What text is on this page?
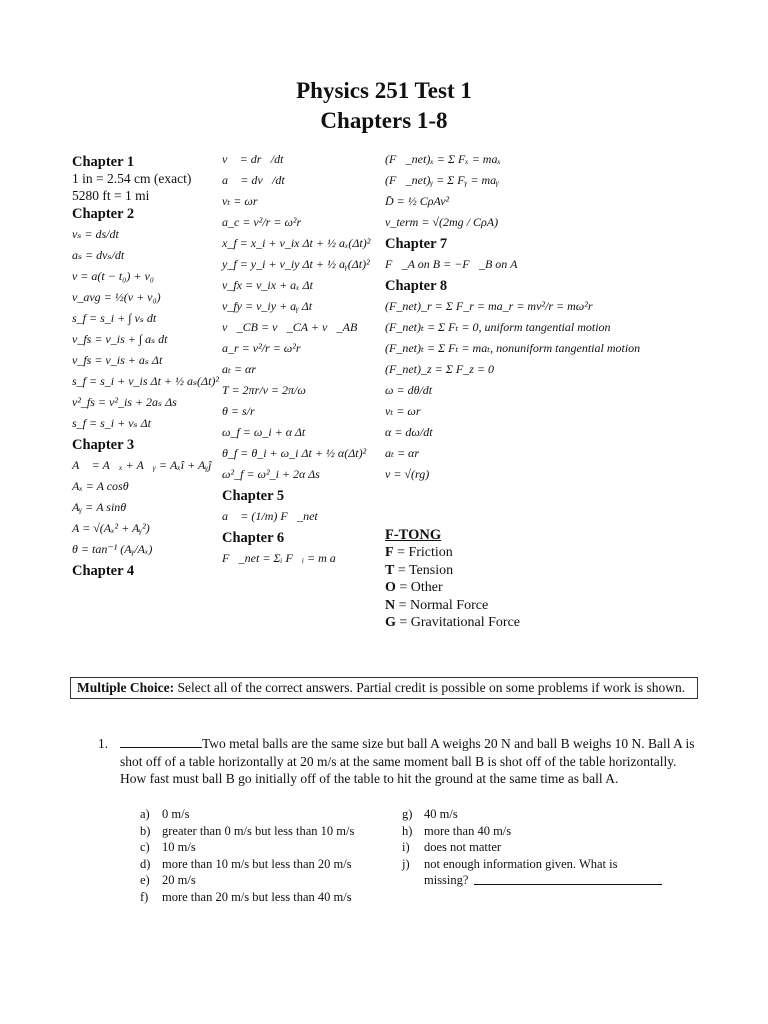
Physics 251 Test 1
Chapters 1-8
Chapter 1
1 in = 2.54 cm (exact)
5280 ft = 1 mi
Chapter 2
vₛ = ds/dt
aₛ = dvₛ/dt
v = a(t − t₀) + v₀
v_avg = ½(v + v₀)
s_f = s_i + ∫ vₛ dt
v_fs = v_is + ∫ aₛ dt
v_fs = v_is + aₛ Δt
s_f = s_i + v_is Δt + ½ aₛ(Δt)²
v²_fs = v²_is + 2aₛ Δs
s_f = s_i + vₛ Δt
Chapter 3
A⃗ = A⃗ₓ + A⃗ᵧ = Aₓî + Aᵧĵ
Aₓ = A cosθ
Aᵧ = A sinθ
A = √(Aₓ² + Aᵧ²)
θ = tan⁻¹ (Aᵧ/Aₓ)
Chapter 4
v⃗ = dr⃗/dt
a⃗ = dv⃗/dt
vₜ = ωr
a_c = v²/r = ω²r
x_f = x_i + v_ix Δt + ½ aₓ(Δt)²
y_f = y_i + v_iy Δt + ½ aᵧ(Δt)²
v_fx = v_ix + aₓ Δt
v_fy = v_iy + aᵧ Δt
v⃗_CB = v⃗_CA + v⃗_AB
a_r = v²/r = ω²r
aₜ = αr
T = 2πr/v = 2π/ω
θ = s/r
ω_f = ω_i + α Δt
θ_f = θ_i + ω_i Δt + ½ α(Δt)²
ω²_f = ω²_i + 2α Δs
Chapter 5
a⃗ = (1/m) F⃗_net
Chapter 6
F⃗_net = Σᵢ F⃗ᵢ = m a⃗
(F⃗_net)ₓ = Σ Fₓ = maₓ
(F⃗_net)ᵧ = Σ Fᵧ = maᵧ
D̄ = ½ CρAv²
v_term = √(2mg / CρA)
Chapter 7
F⃗_A on B = −F⃗_B on A
Chapter 8
(F_net)_r = Σ F_r = ma_r = mv²/r = mω²r
(F_net)ₜ = Σ Fₜ = 0, uniform tangential motion
(F_net)ₜ = Σ Fₜ = maₜ, nonuniform tangential motion
(F_net)_z = Σ F_z = 0
ω = dθ/dt
vₜ = ωr
α = dω/dt
aₜ = αr
v = √(rg)
F-TONG
F = Friction
T = Tension
O = Other
N = Normal Force
G = Gravitational Force
Multiple Choice: Select all of the correct answers. Partial credit is possible on some problems if work is shown.
1.	Two metal balls are the same size but ball A weighs 20 N and ball B weighs 10 N. Ball A is shot off of a table horizontally at 20 m/s at the same moment ball B is shot off of the table horizontally. How fast must ball B go initially off of the table to hit the ground at the same time as ball A.
a) 0 m/s
b) greater than 0 m/s but less than 10 m/s
c) 10 m/s
d) more than 10 m/s but less than 20 m/s
e) 20 m/s
f)	more than 20 m/s but less than 40 m/s
g) 40 m/s
h) more than 40 m/s
i)	does not matter
j)	not enough information given. What is
missing?
